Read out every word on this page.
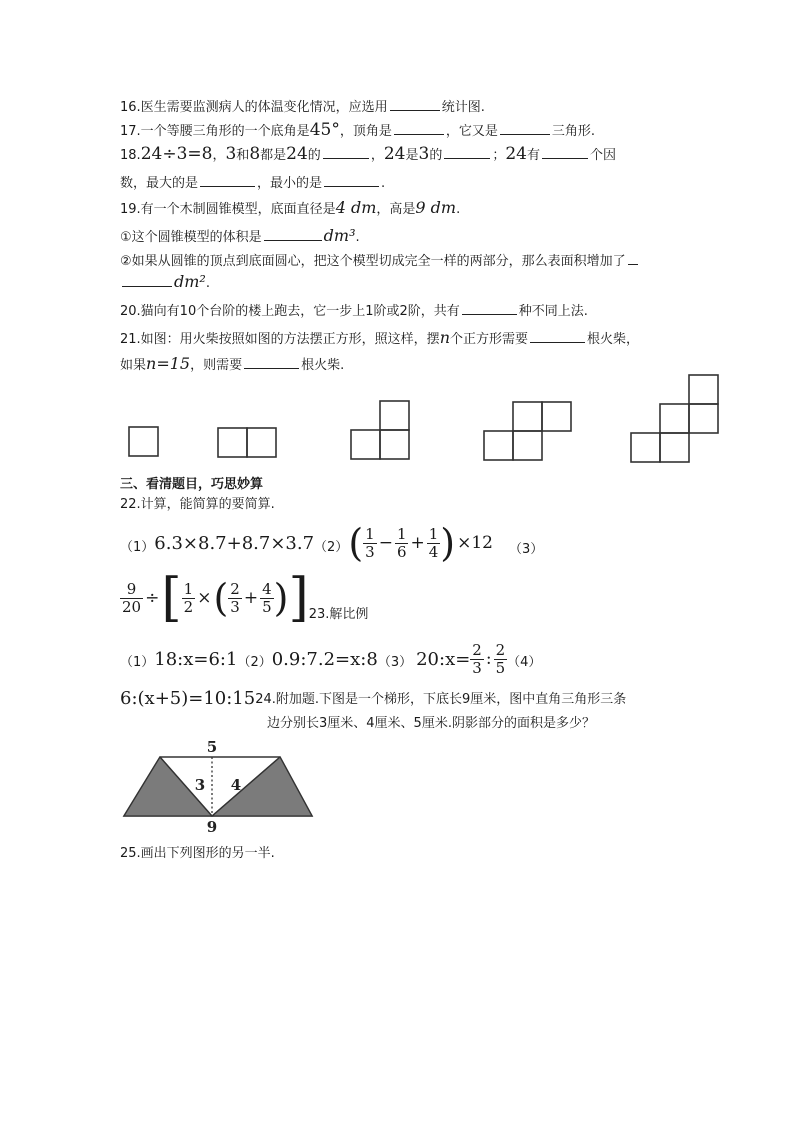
16.医生需要监测病人的体温变化情况，应选用	统计图.
17.一个等腰三角形的一个底角是45°，顶角是	，它又是	三角形.
18.24÷3=8，3和8都是24的	，24是3的	；24有	个因
数，最大的是	，最小的是	.
19.有一个木制圆锥模型，底面直径是4 dm，高是9 dm.
①这个圆锥模型的体积是	dm³.
②如果从圆锥的顶点到底面圆心，把这个模型切成完全一样的两部分，那么表面积增加了
dm².
20.猫向有10个台阶的楼上跑去，它一步上1阶或2阶，共有	种不同上法.
21.如图：用火柴按照如图的方法摆正方形，照这样，摆n个正方形需要	根火柴，
如果n=15，则需要	根火柴.
三、看清题目，巧思妙算
22.计算，能简算的要简算.
（1） 6.3×8.7+8.7×3.7 （2） ( $\frac{1}{3} - \frac{1}{6} + \frac{1}{4}$ ) ×12 （3）
$\frac{9}{20}$ ÷ [ $\frac{1}{2}$ × ( $\frac{2}{3} + \frac{4}{5}$ ) ] 23.解比例
（1） 18:x=6:1 （2） 0.9:7.2=x:8 （3） 20:x= $\frac{2}{3}$ : $\frac{2}{5} (4)$
6:(x+5)=10:15 24.附加题.下图是一个梯形，下底长9厘米，图中直角三角形三条
边分别长3厘米、4厘米、5厘米.阴影部分的面积是多少？
5
3 4
9
25.画出下列图形的另一半.
